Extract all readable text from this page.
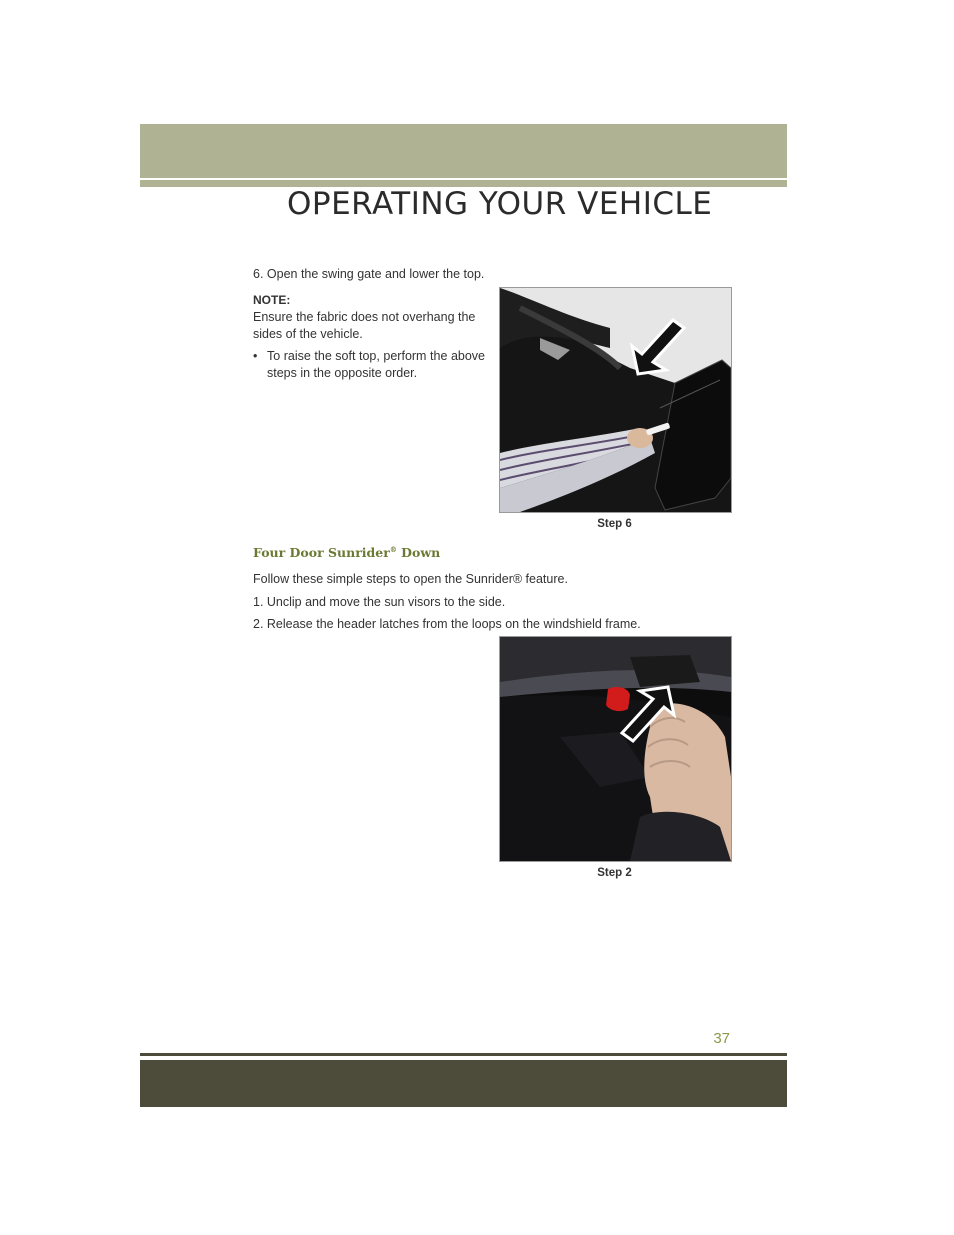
OPERATING YOUR VEHICLE

6. Open the swing gate and lower the top.

NOTE:

Ensure the fabric does not overhang the sides of the vehicle.

• To raise the soft top, perform the above steps in the opposite order.

Step 6

Four Door Sunrider® Down

Follow these simple steps to open the Sunrider® feature.

1. Unclip and move the sun visors to the side.

2. Release the header latches from the loops on the windshield frame.

Step 2

37
